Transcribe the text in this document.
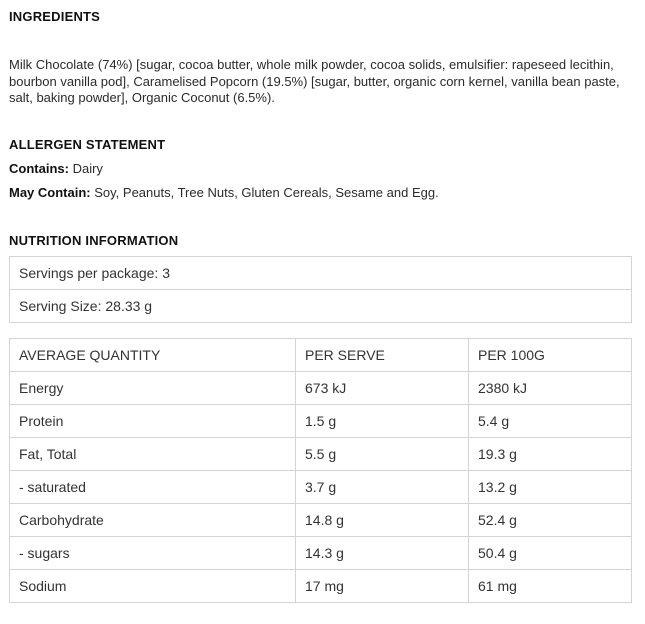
INGREDIENTS

Milk Chocolate (74%) [sugar, cocoa butter, whole milk powder, cocoa solids, emulsifier: rapeseed lecithin, bourbon vanilla pod], Caramelised Popcorn (19.5%) [sugar, butter, organic corn kernel, vanilla bean paste, salt, baking powder], Organic Coconut (6.5%).

ALLERGEN STATEMENT

Contains: Dairy

May Contain: Soy, Peanuts, Tree Nuts, Gluten Cereals, Sesame and Egg.

NUTRITION INFORMATION
Servings per package: 3
Serving Size: 28.33 g
AVERAGE QUANTITY	PER SERVE	PER 100G
Energy	673 kJ	2380 kJ
Protein	1.5 g	5.4 g
Fat, Total	5.5 g	19.3 g
- saturated	3.7 g	13.2 g
Carbohydrate	14.8 g	52.4 g
- sugars	14.3 g	50.4 g
Sodium	17 mg	61 mg
